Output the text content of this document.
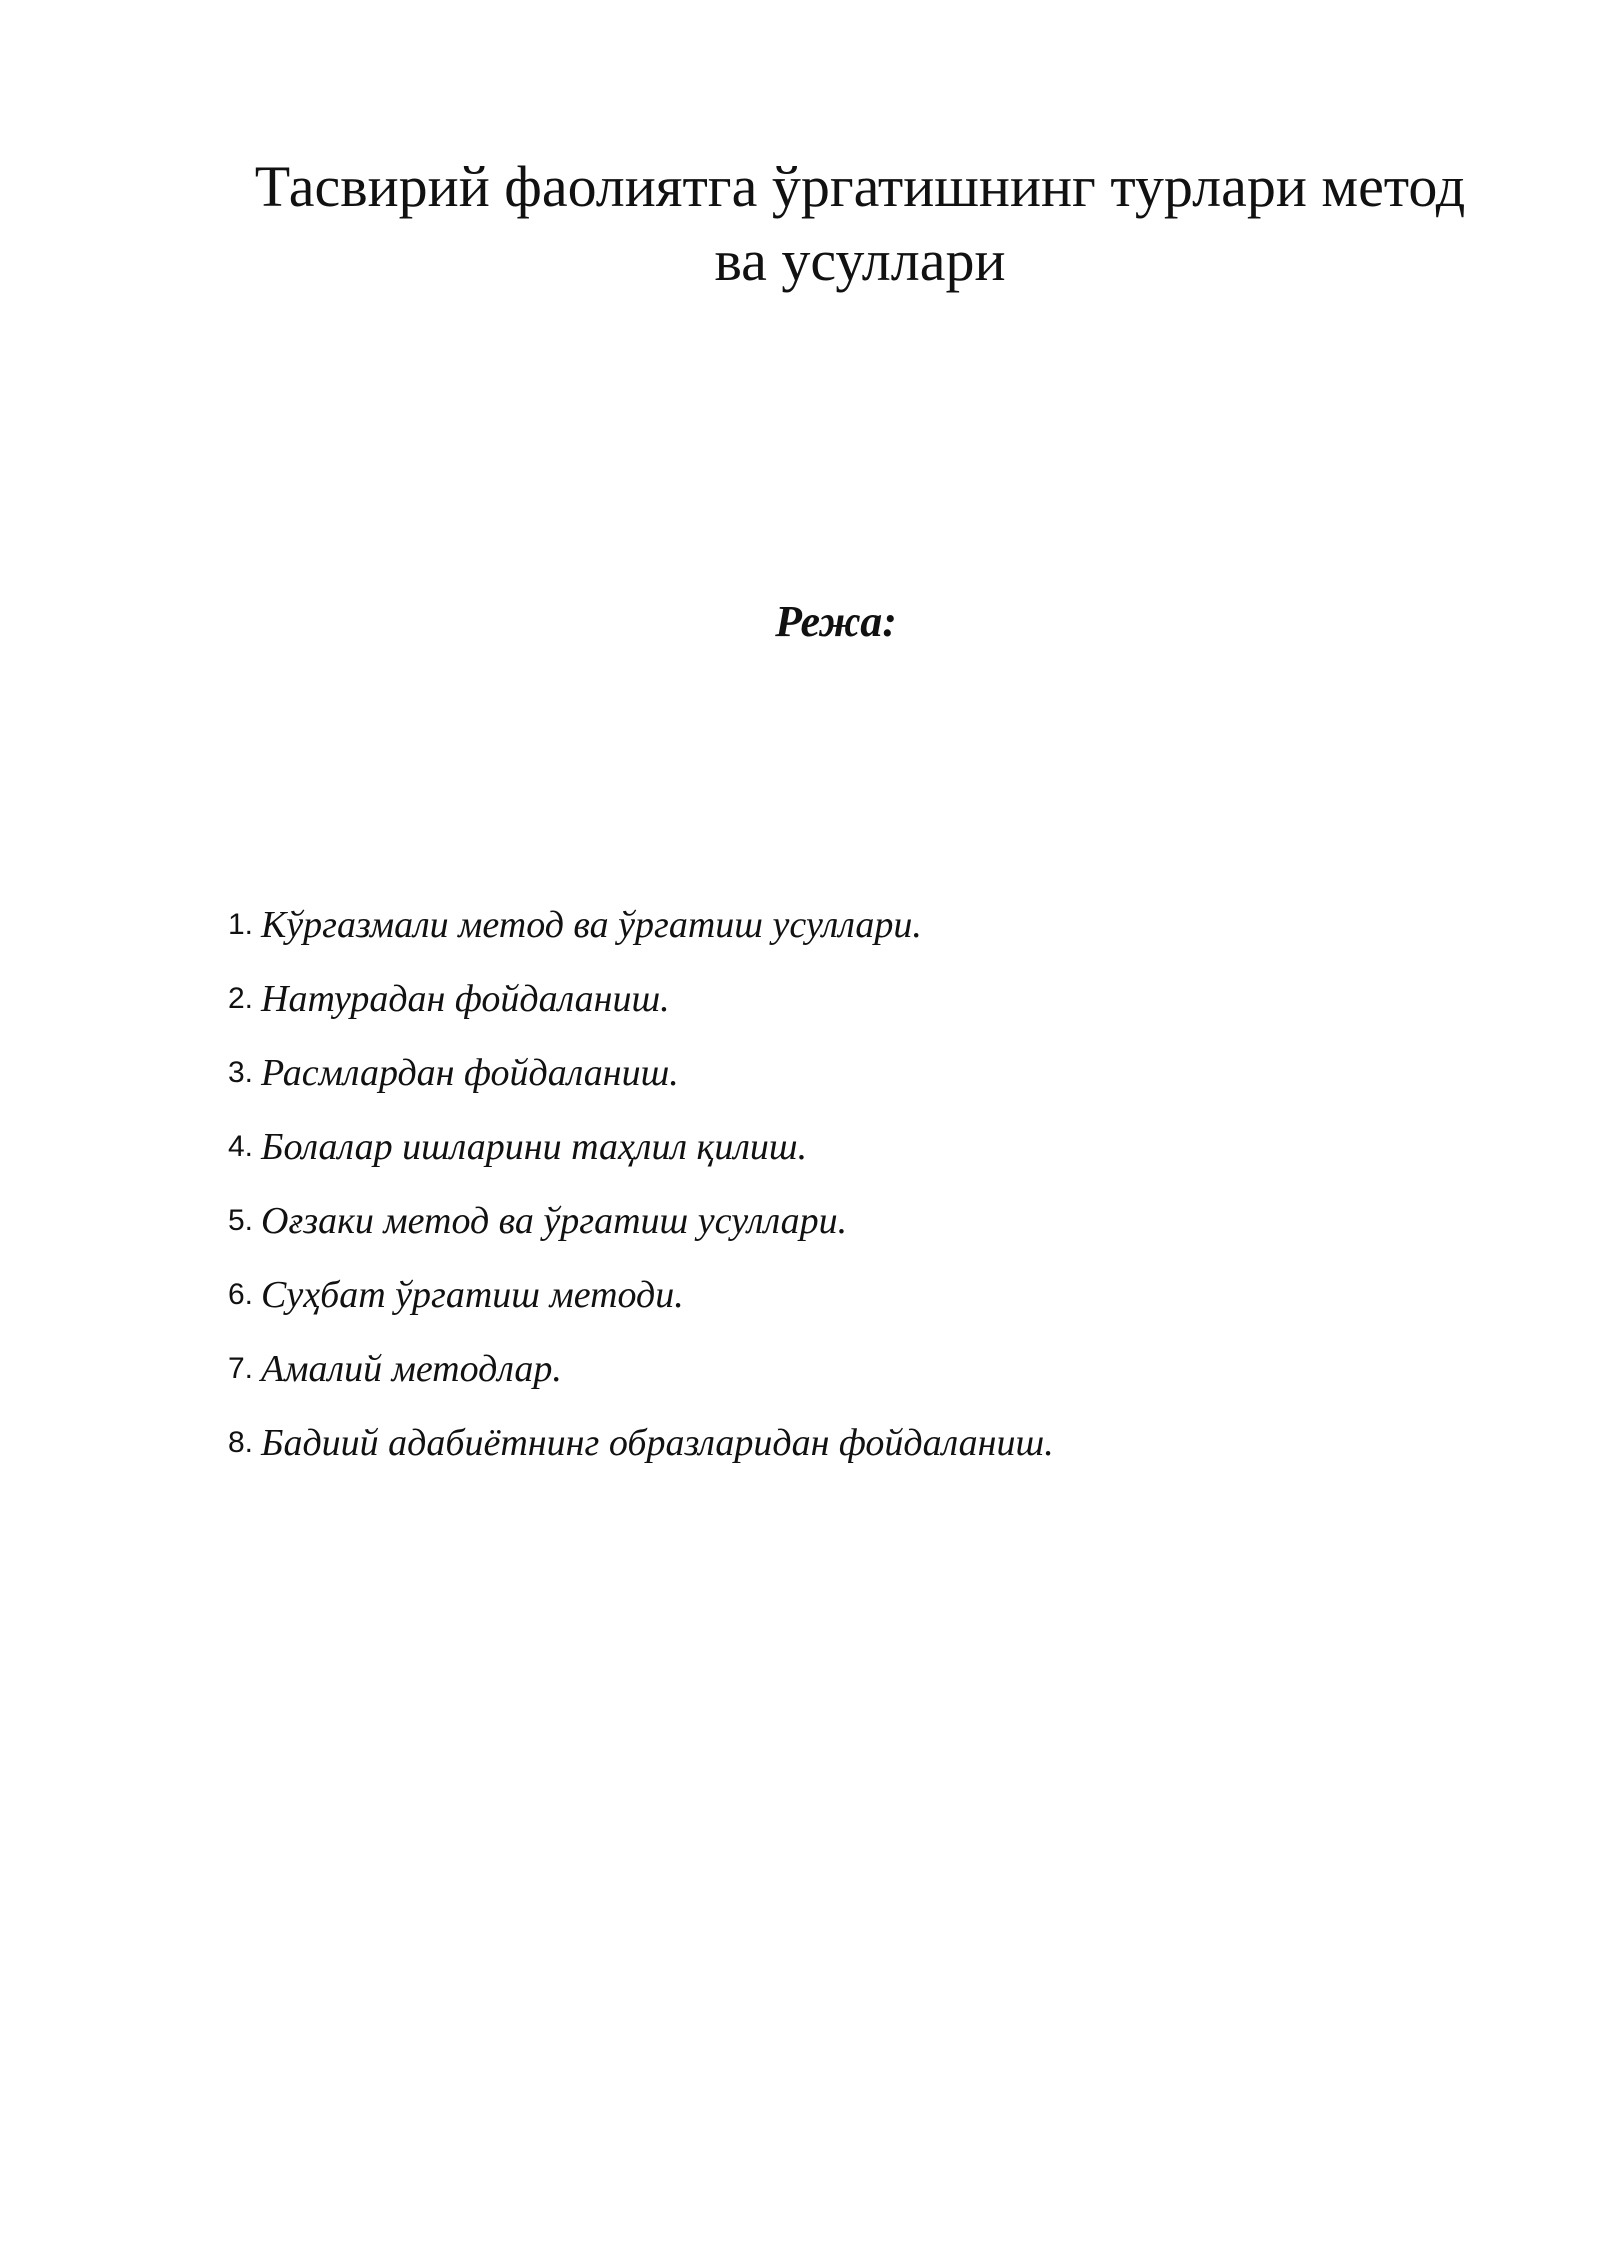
Тасвирий фаолиятга ўргатишнинг турлари метод
ва усуллари
Режа:
1. Кўргазмали метод ва ўргатиш усуллари.
2. Натурадан фойдаланиш.
3. Расмлардан фойдаланиш.
4. Болалар ишларини таҳлил қилиш.
5. Оғзаки метод ва ўргатиш усуллари.
6. Суҳбат ўргатиш методи.
7. Амалий методлар.
8. Бадиий адабиётнинг образларидан фойдаланиш.
